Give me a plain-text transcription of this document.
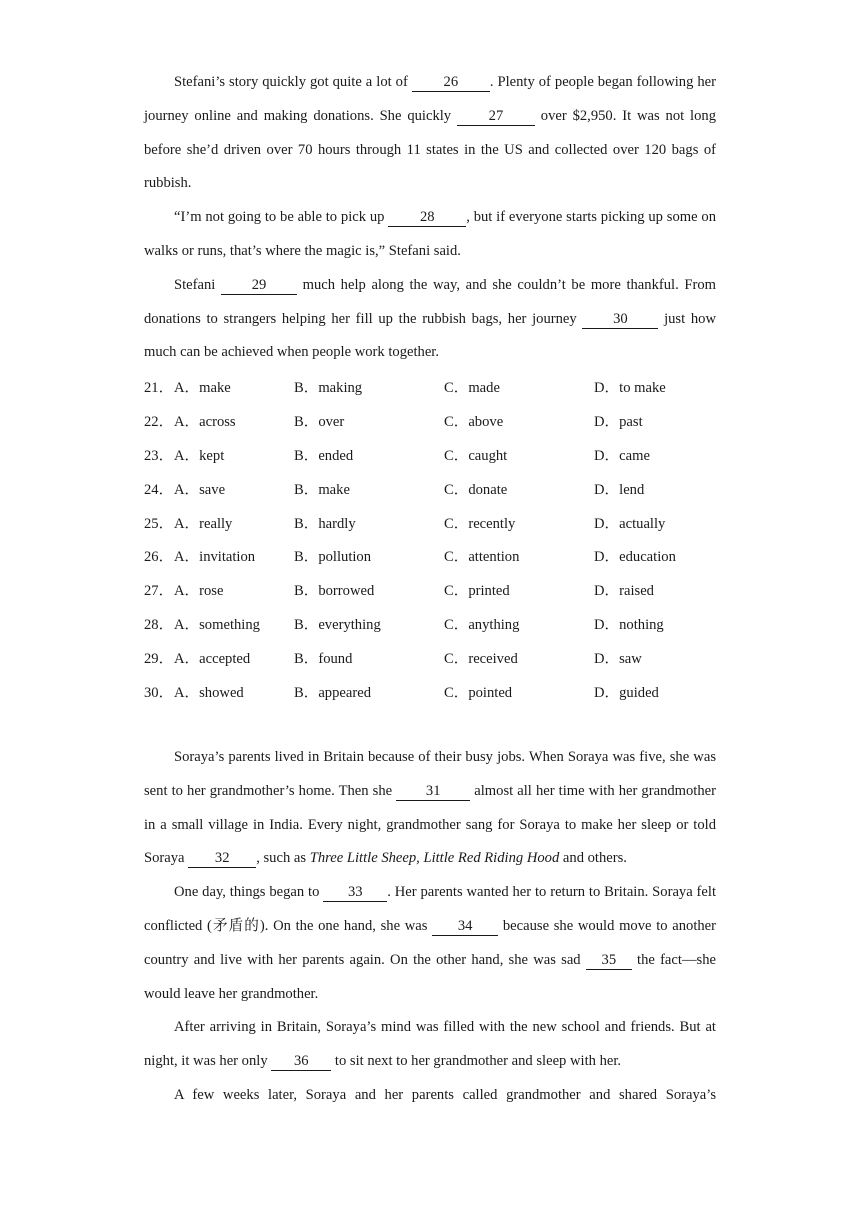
Stefani’s story quickly got quite a lot of 26 . Plenty of people began following her journey online and making donations. She quickly 27 over $2,950. It was not long before she’d driven over 70 hours through 11 states in the US and collected over 120 bags of rubbish.

“I’m not going to be able to pick up 28 , but if everyone starts picking up some on walks or runs, that’s where the magic is,” Stefani said.

Stefani 29 much help along the way, and she couldn’t be more thankful. From donations to strangers helping her fill up the rubbish bags, her journey 30 just how much can be achieved when people work together.

21． A．make	B．making	C．made	D．to make
22． A．across	B．over	C．above	D．past
23． A．kept	B．ended	C．caught	D．came
24． A．save	B．make	C．donate	D．lend
25． A．really	B．hardly	C．recently	D．actually
26． A．invitation	B．pollution	C．attention	D．education
27． A．rose	B．borrowed	C．printed	D．raised
28． A．something	B．everything	C．anything	D．nothing
29． A．accepted	B．found	C．received	D．saw
30． A．showed	B．appeared	C．pointed	D．guided

Soraya’s parents lived in Britain because of their busy jobs. When Soraya was five, she was sent to her grandmother’s home. Then she 31 almost all her time with her grandmother in a small village in India. Every night, grandmother sang for Soraya to make her sleep or told Soraya 32 , such as Three Little Sheep, Little Red Riding Hood and others.

One day, things began to 33 . Her parents wanted her to return to Britain. Soraya felt conflicted (矛盾的). On the one hand, she was 34 because she would move to another country and live with her parents again. On the other hand, she was sad 35 the fact—she would leave her grandmother.

After arriving in Britain, Soraya’s mind was filled with the new school and friends. But at night, it was her only 36 to sit next to her grandmother and sleep with her.

A few weeks later, Soraya and her parents called grandmother and shared Soraya’s
